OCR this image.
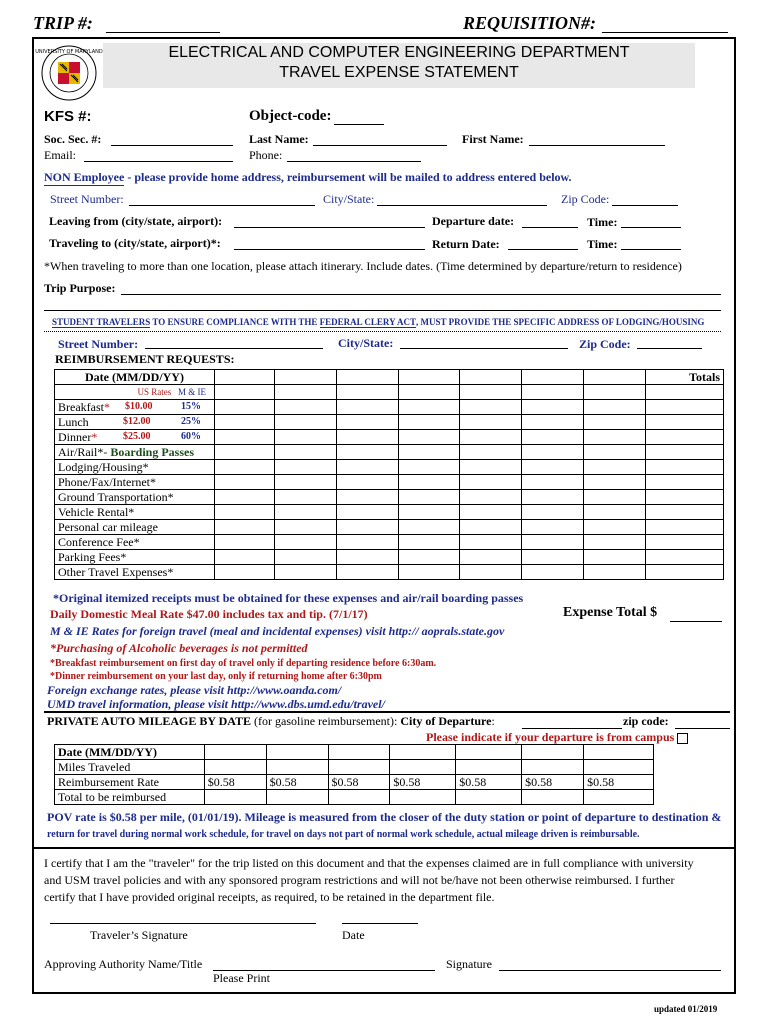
TRIP #:	REQUISITION#:
UNIVERSITY OF MARYLAND	ELECTRICAL AND COMPUTER ENGINEERING DEPARTMENT
TRAVEL EXPENSE STATEMENT
KFS #:	Object-code:
Soc. Sec. #:	Last Name:	First Name:
Email:	Phone:
NON Employee - please provide home address, reimbursement will be mailed to address entered below.
Street Number:	City/State:	Zip Code:
Leaving from (city/state, airport):	Departure date:	Time:
Traveling to (city/state, airport)*:	Return Date:	Time:
*When traveling to more than one location, please attach itinerary. Include dates. (Time determined by departure/return to residence)
Trip Purpose:
STUDENT TRAVELERS TO ENSURE COMPLIANCE WITH THE FEDERAL CLERY ACT, MUST PROVIDE THE SPECIFIC ADDRESS OF LODGING/HOUSING
Street Number:	City/State:	Zip Code:
REIMBURSEMENT REQUESTS:
Date (MM/DD/YY)								Totals
US Rates M & IE								
Breakfast* $10.00 15%								

Lunch $12.00 25%								

Dinner* $25.00 60%								

Air/Rail*- Boarding Passes								
Lodging/Housing*								
Phone/Fax/Internet*								
Ground Transportation*								
Vehicle Rental*								
Personal car mileage								
Conference Fee*								
Parking Fees*								
Other Travel Expenses*								
*Original itemized receipts must be obtained for these expenses and air/rail boarding passes
Daily Domestic Meal Rate $47.00 includes tax and tip. (7/1/17)	Expense Total $
M & IE Rates for foreign travel (meal and incidental expenses) visit http:// aoprals.state.gov
*Purchasing of Alcoholic beverages is not permitted
*Breakfast reimbursement on first day of travel only if departing residence before 6:30am.
*Dinner reimbursement on your last day, only if returning home after 6:30pm
Foreign exchange rates, please visit http://www.oanda.com/
UMD travel information, please visit http://www.dbs.umd.edu/travel/
PRIVATE AUTO MILEAGE BY DATE (for gasoline reimbursement): City of Departure:	zip code:
Please indicate if your departure is from campus
Date (MM/DD/YY)							
Miles Traveled							
Reimbursement Rate	$0.58	$0.58	$0.58	$0.58	$0.58	$0.58	$0.58
Total to be reimbursed							
POV rate is $0.58 per mile, (01/01/19). Mileage is measured from the closer of the duty station or point of departure to destination &
return for travel during normal work schedule, for travel on days not part of normal work schedule, actual mileage driven is reimbursable.
I certify that I am the "traveler" for the trip listed on this document and that the expenses claimed are in full compliance with university
and USM travel policies and with any sponsored program restrictions and will not be/have not been otherwise reimbursed. I further
certify that I have provided original receipts, as required, to be retained in the department file.
Traveler’s Signature	Date
Approving Authority Name/Title
Please Print
Signature
updated 01/2019
